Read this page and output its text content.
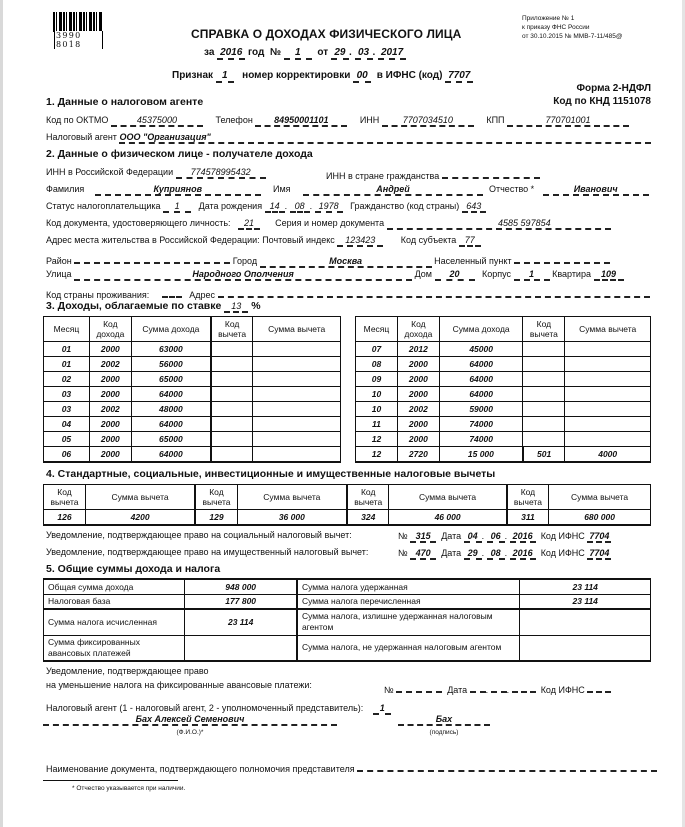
3990 8018
СПРАВКА О ДОХОДАХ ФИЗИЧЕСКОГО ЛИЦА
Приложение № 1
к приказу ФНС России
от 30.10.2015 № ММВ-7-11/485@
за 2016 год № 1 от 29 . 03 . 2017
Признак 1 номер корректировки 00 в ИФНС (код) 7707
Форма 2-НДФЛ
Код по КНД 1151078
1. Данные о налоговом агенте
Код по ОКТМО	45375000	Телефон 84950001101	ИНН	7707034510	КПП	770701001
Налоговый агент ООО "Организация"
2. Данные о физическом лице - получателе дохода
ИНН в Российской Федерации 774578995432	ИНН в стране гражданства
Фамилия	Куприянов	Имя	Андрей	Отчество *	Иванович
Статус налогоплательщика 1 Дата рождения 14 . 08 . 1978 Гражданство (код страны) 643
Код документа, удостоверяющего личность: 21 Серия и номер документа	4585 597854
Адрес места жительства в Российской Федерации: Почтовый индекс 123423	Код субъекта 77
Район	Город	Москва	Населенный пункт
Улица	Народного Ополчения	Дом 20	Корпус 1 Квартира 109
Код страны проживания:	Адрес
3. Доходы, облагаемые по ставке 13 %
Месяц	Код дохода	Сумма дохода	Код вычета	Сумма вычета
01	2000	63000		
01	2002	56000		
02	2000	65000		
03	2000	64000		
03	2002	48000		
04	2000	64000		
05	2000	65000		
06	2000	64000		
Месяц	Код дохода	Сумма дохода	Код вычета	Сумма вычета
07	2012	45000		
08	2000	64000		
09	2000	64000		
10	2000	64000		
10	2002	59000		
11	2000	74000		
12	2000	74000		
12	2720	15 000	501	4000
4. Стандартные, социальные, инвестиционные и имущественные налоговые вычеты
Код вычета	Сумма вычета	Код вычета	Сумма вычета	Код вычета	Сумма вычета	Код вычета	Сумма вычета
126	4200	129	36 000	324	46 000	311	680 000
Уведомление, подтверждающее право на социальный налоговый вычет:	№ 315 Дата 04 . 06 . 2016 Код ИФНС 7704
Уведомление, подтверждающее право на имущественный налоговый вычет:	№ 470 Дата 29 . 08 . 2016 Код ИФНС 7704
5. Общие суммы дохода и налога
Общая сумма дохода	948 000	Сумма налога удержанная	23 114
Налоговая база	177 800	Сумма налога перечисленная	23 114
Сумма налога исчисленная	23 114	Сумма налога, излишне удержанная налоговым агентом	
Сумма фиксированных авансовых платежей		Сумма налога, не удержанная налоговым агентом	
Уведомление, подтверждающее право
на уменьшение налога на фиксированные авансовые платежи:	№	Дата . .	Код ИФНС
Налоговый агент (1 - налоговый агент, 2 - уполномоченный представитель): 1
Бах Алексей Семенович
(Ф.И.О.)*
Бах
(подпись)
Наименование документа, подтверждающего полномочия представителя
* Отчество указывается при наличии.
